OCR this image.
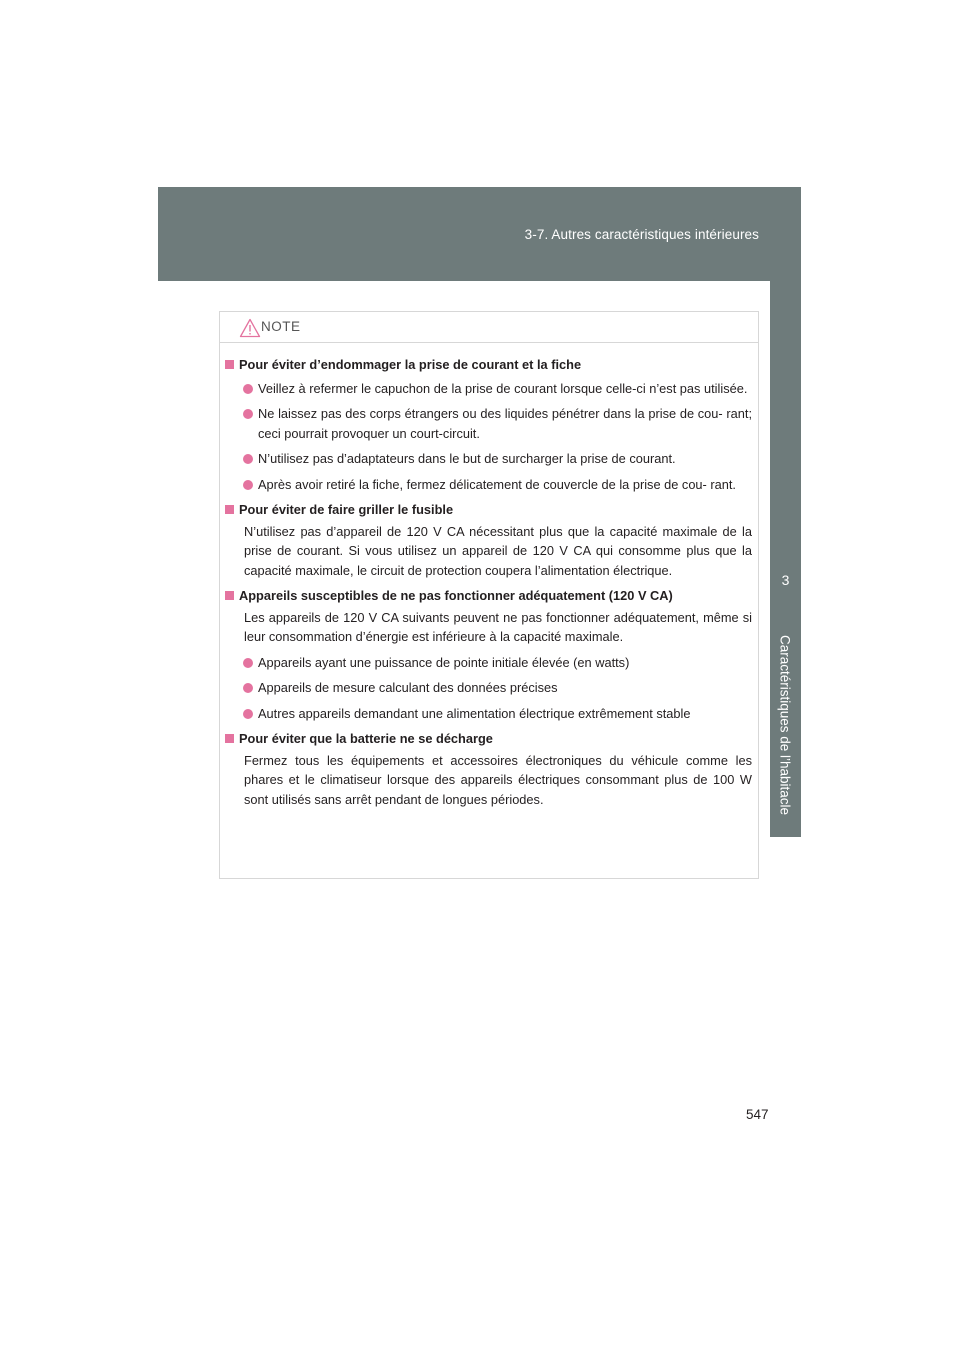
3-7. Autres caractéristiques intérieures
3
Caractéristiques de l’habitacle
NOTE
Pour éviter d’endommager la prise de courant et la fiche
Veillez à refermer le capuchon de la prise de courant lorsque celle-ci n’est pas utilisée.
Ne laissez pas des corps étrangers ou des liquides pénétrer dans la prise de cou- rant; ceci pourrait provoquer un court-circuit.
N’utilisez pas d’adaptateurs dans le but de surcharger la prise de courant.
Après avoir retiré la fiche, fermez délicatement de couvercle de la prise de cou- rant.
Pour éviter de faire griller le fusible
N’utilisez pas d’appareil de 120 V CA nécessitant plus que la capacité maximale de la prise de courant. Si vous utilisez un appareil de 120 V CA qui consomme plus que la capacité maximale, le circuit de protection coupera l’alimentation électrique.
Appareils susceptibles de ne pas fonctionner adéquatement (120 V CA)
Les appareils de 120 V CA suivants peuvent ne pas fonctionner adéquatement, même si leur consommation d’énergie est inférieure à la capacité maximale.
Appareils ayant une puissance de pointe initiale élevée (en watts)
Appareils de mesure calculant des données précises
Autres appareils demandant une alimentation électrique extrêmement stable
Pour éviter que la batterie ne se décharge
Fermez tous les équipements et accessoires électroniques du véhicule comme les phares et le climatiseur lorsque des appareils électriques consommant plus de 100 W sont utilisés sans arrêt pendant de longues périodes.
547
